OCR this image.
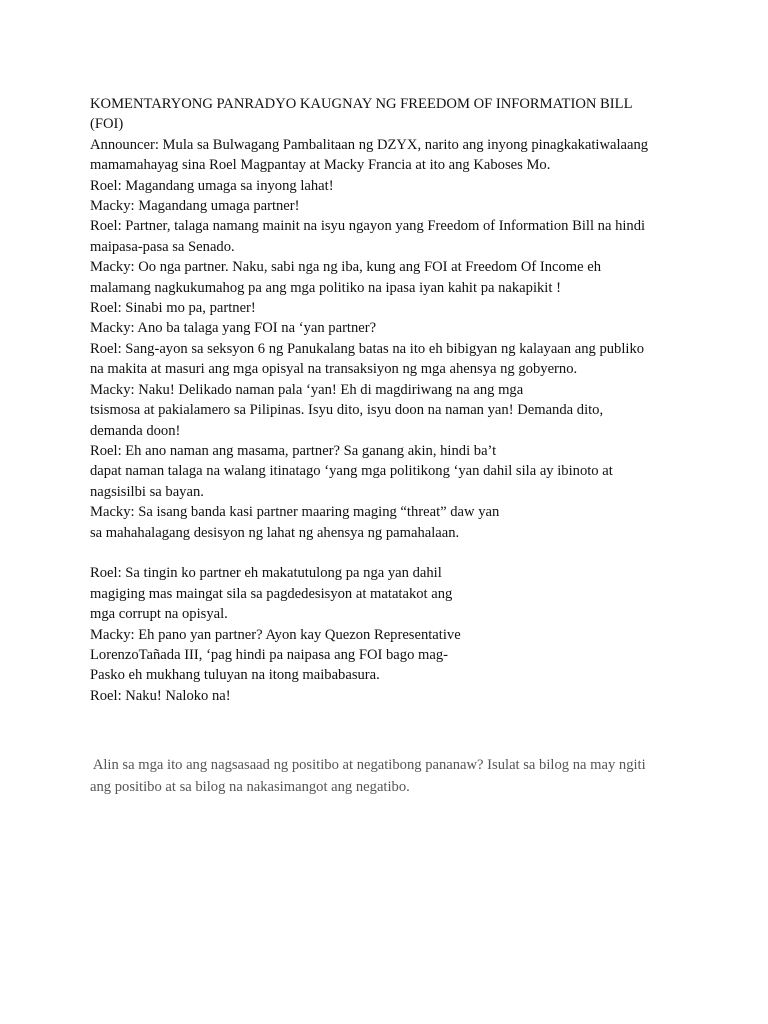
KOMENTARYONG PANRADYO KAUGNAY NG FREEDOM OF INFORMATION BILL

(FOI)

Announcer: Mula sa Bulwagang Pambalitaan ng DZYX, narito ang inyong pinagkakatiwalaang

mamamahayag sina Roel Magpantay at Macky Francia at ito ang Kaboses Mo.

Roel: Magandang umaga sa inyong lahat!

Macky: Magandang umaga partner!

Roel: Partner, talaga namang mainit na isyu ngayon yang Freedom of Information Bill na hindi

maipasa-pasa sa Senado.

Macky: Oo nga partner. Naku, sabi nga ng iba, kung ang FOI at Freedom Of Income eh

malamang nagkukumahog pa ang mga politiko na ipasa iyan kahit pa nakapikit !

Roel: Sinabi mo pa, partner!

Macky: Ano ba talaga yang FOI na ‘yan partner?

Roel: Sang-ayon sa seksyon 6 ng Panukalang batas na ito eh bibigyan ng kalayaan ang publiko

na makita at masuri ang mga opisyal na transaksiyon ng mga ahensya ng gobyerno.

Macky: Naku! Delikado naman pala ‘yan! Eh di magdiriwang na ang mga

tsismosa at pakialamero sa Pilipinas. Isyu dito, isyu doon na naman yan! Demanda dito,

demanda doon!

Roel: Eh ano naman ang masama, partner? Sa ganang akin, hindi ba’t

dapat naman talaga na walang itinatago ‘yang mga politikong ‘yan dahil sila ay ibinoto at

nagsisilbi sa bayan.

Macky: Sa isang banda kasi partner maaring maging “threat” daw yan

sa mahahalagang desisyon ng lahat ng ahensya ng pamahalaan.

Roel: Sa tingin ko partner eh makatutulong pa nga yan dahil

magiging mas maingat sila sa pagdedesisyon at matatakot ang

mga corrupt na opisyal.

Macky: Eh pano yan partner? Ayon kay Quezon Representative

LorenzoTañada III, ‘pag hindi pa naipasa ang FOI bago mag-

Pasko eh mukhang tuluyan na itong maibabasura.

Roel: Naku! Naloko na!

Alin sa mga ito ang nagsasaad ng positibo at negatibong pananaw? Isulat sa bilog na may ngiti

ang positibo at sa bilog na nakasimangot ang negatibo.
